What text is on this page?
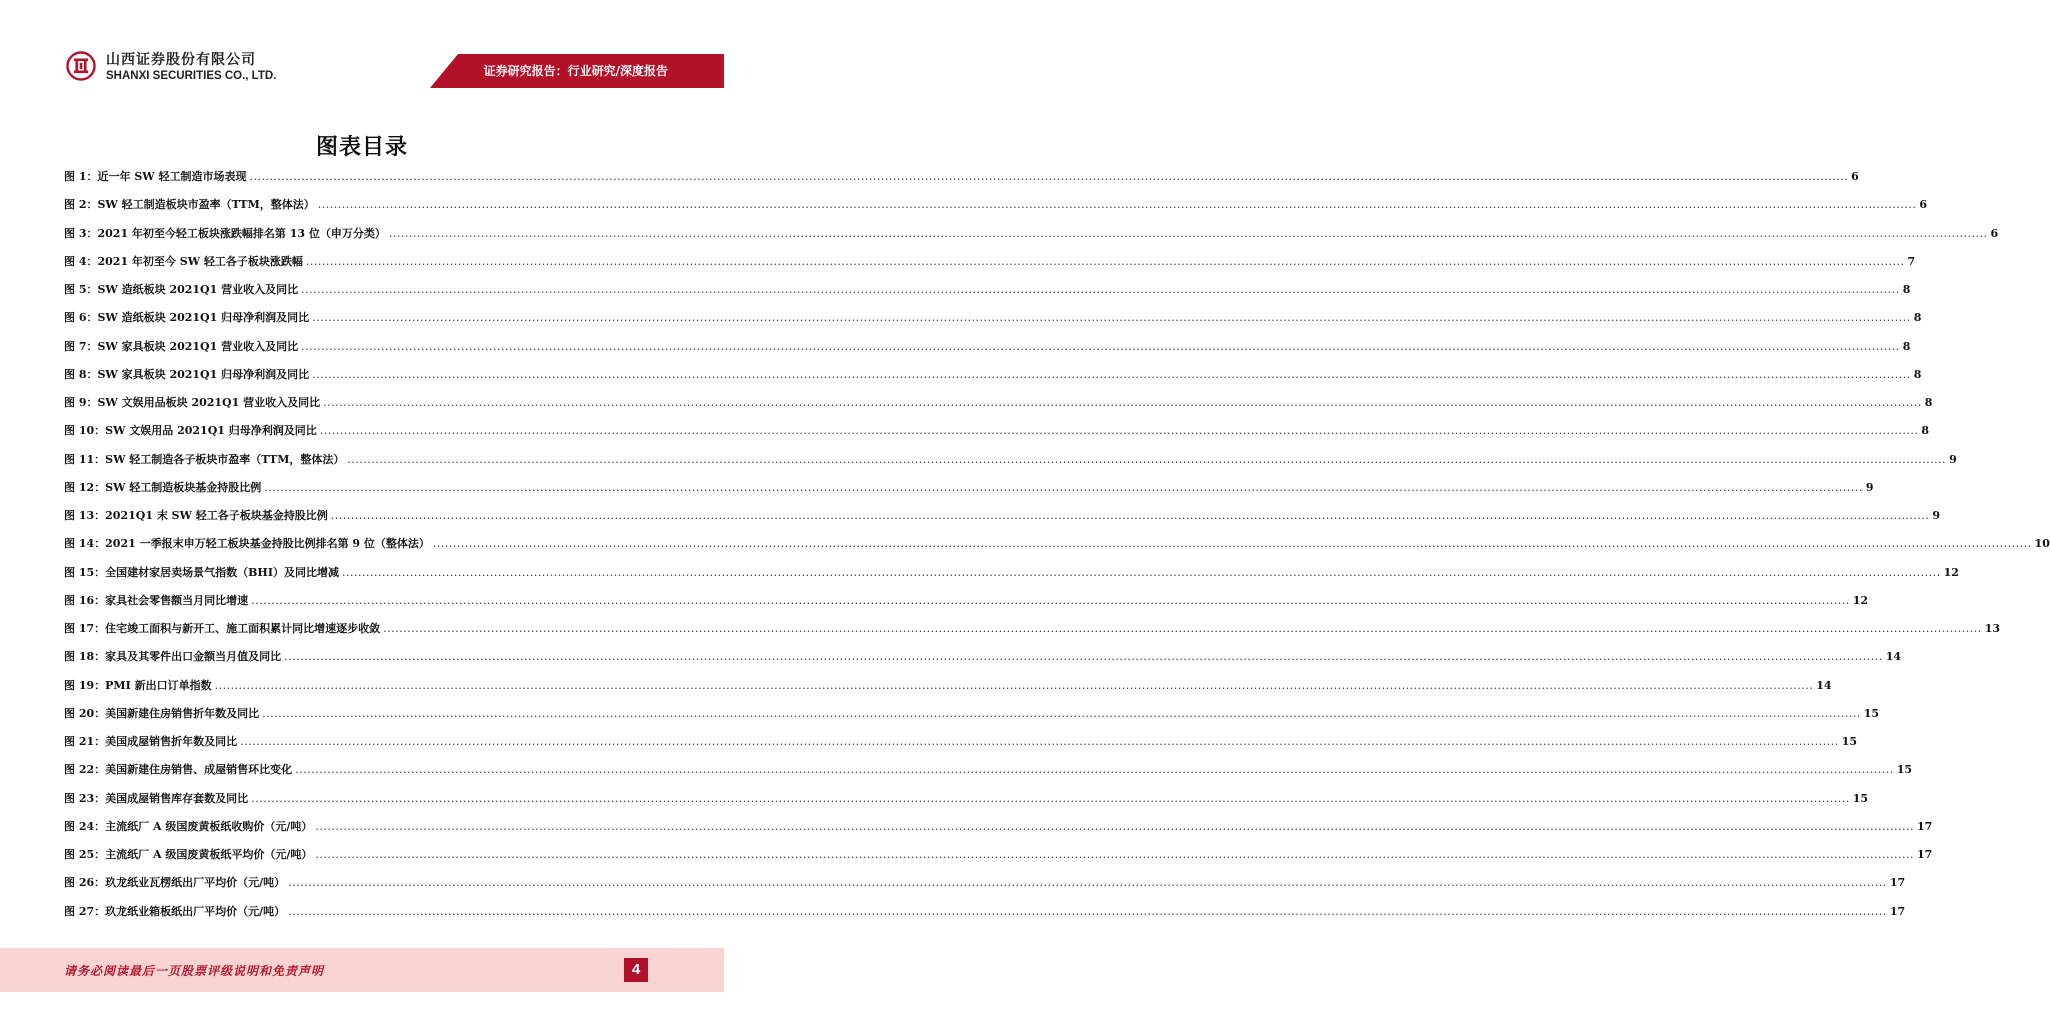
山西证券股份有限公司
SHANXI SECURITIES CO., LTD.	证券研究报告：行业研究/深度报告
图表目录
图 1：近一年 SW 轻工制造市场表现 ................................................................................................................................................................................................................................................................................................................................................................................................................ 6
图 2：SW 轻工制造板块市盈率（TTM，整体法） ................................................................................................................................................................................................................................................................................................................................................................................................................ 6
图 3：2021 年初至今轻工板块涨跌幅排名第 13 位（申万分类） ................................................................................................................................................................................................................................................................................................................................................................................................................ 6
图 4：2021 年初至今 SW 轻工各子板块涨跌幅 ................................................................................................................................................................................................................................................................................................................................................................................................................ 7
图 5：SW 造纸板块 2021Q1 营业收入及同比 ................................................................................................................................................................................................................................................................................................................................................................................................................ 8
图 6：SW 造纸板块 2021Q1 归母净利润及同比 ................................................................................................................................................................................................................................................................................................................................................................................................................ 8
图 7：SW 家具板块 2021Q1 营业收入及同比 ................................................................................................................................................................................................................................................................................................................................................................................................................ 8
图 8：SW 家具板块 2021Q1 归母净利润及同比 ................................................................................................................................................................................................................................................................................................................................................................................................................ 8
图 9：SW 文娱用品板块 2021Q1 营业收入及同比 ................................................................................................................................................................................................................................................................................................................................................................................................................ 8
图 10：SW 文娱用品 2021Q1 归母净利润及同比 ................................................................................................................................................................................................................................................................................................................................................................................................................ 8
图 11：SW 轻工制造各子板块市盈率（TTM，整体法） ................................................................................................................................................................................................................................................................................................................................................................................................................ 9
图 12：SW 轻工制造板块基金持股比例 ................................................................................................................................................................................................................................................................................................................................................................................................................ 9
图 13：2021Q1 末 SW 轻工各子板块基金持股比例 ................................................................................................................................................................................................................................................................................................................................................................................................................ 9
图 14：2021 一季报末申万轻工板块基金持股比例排名第 9 位（整体法） ................................................................................................................................................................................................................................................................................................................................................................................................................ 10
图 15：全国建材家居卖场景气指数（BHI）及同比增减 ................................................................................................................................................................................................................................................................................................................................................................................................................ 12
图 16：家具社会零售额当月同比增速 ................................................................................................................................................................................................................................................................................................................................................................................................................ 12
图 17：住宅竣工面积与新开工、施工面积累计同比增速逐步收敛 ................................................................................................................................................................................................................................................................................................................................................................................................................ 13
图 18：家具及其零件出口金额当月值及同比 ................................................................................................................................................................................................................................................................................................................................................................................................................ 14
图 19：PMI 新出口订单指数 ................................................................................................................................................................................................................................................................................................................................................................................................................ 14
图 20：美国新建住房销售折年数及同比 ................................................................................................................................................................................................................................................................................................................................................................................................................ 15
图 21：美国成屋销售折年数及同比 ................................................................................................................................................................................................................................................................................................................................................................................................................ 15
图 22：美国新建住房销售、成屋销售环比变化 ................................................................................................................................................................................................................................................................................................................................................................................................................ 15
图 23：美国成屋销售库存套数及同比 ................................................................................................................................................................................................................................................................................................................................................................................................................ 15
图 24：主流纸厂 A 级国废黄板纸收购价（元/吨） ................................................................................................................................................................................................................................................................................................................................................................................................................ 17
图 25：主流纸厂 A 级国废黄板纸平均价（元/吨） ................................................................................................................................................................................................................................................................................................................................................................................................................ 17
图 26：玖龙纸业瓦楞纸出厂平均价（元/吨） ................................................................................................................................................................................................................................................................................................................................................................................................................ 17
图 27：玖龙纸业箱板纸出厂平均价（元/吨） ................................................................................................................................................................................................................................................................................................................................................................................................................ 17
请务必阅读最后一页股票评级说明和免责声明	4
